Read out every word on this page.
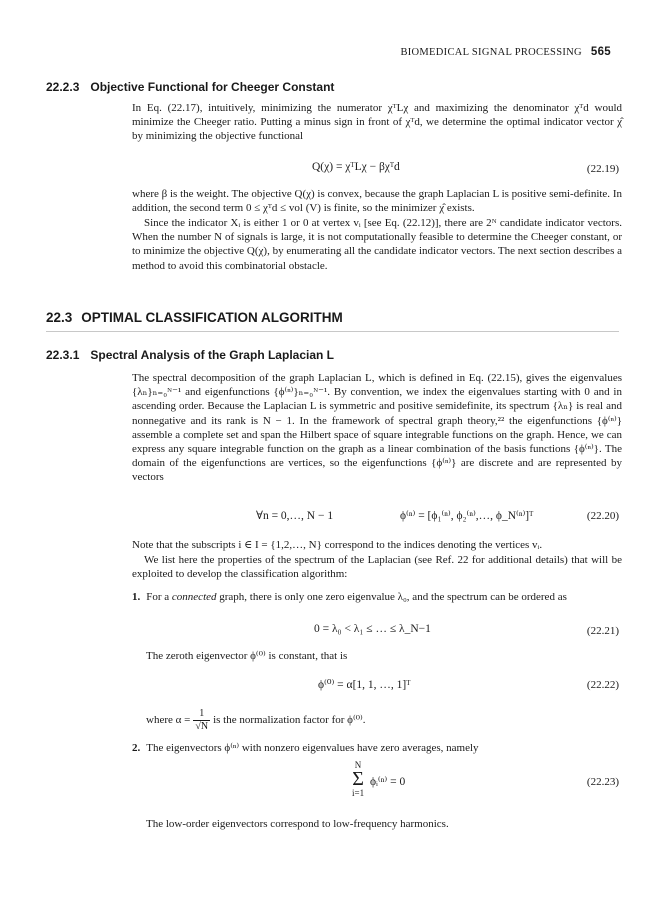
BIOMEDICAL SIGNAL PROCESSING 565
22.2.3 Objective Functional for Cheeger Constant
In Eq. (22.17), intuitively, minimizing the numerator χᵀLχ and maximizing the denominator χᵀd would minimize the Cheeger ratio. Putting a minus sign in front of χᵀd, we determine the optimal indicator vector χ̂ by minimizing the objective functional
Q(χ) = χᵀLχ − βχᵀd	(22.19)
where β is the weight. The objective Q(χ) is convex, because the graph Laplacian L is positive semi-definite. In addition, the second term 0 ≤ χᵀd ≤ vol (V) is finite, so the minimizer χ̂ exists.
Since the indicator Xᵢ is either 1 or 0 at vertex vᵢ [see Eq. (22.12)], there are 2ᴺ candidate indicator vectors. When the number N of signals is large, it is not computationally feasible to determine the Cheeger constant, or to minimize the objective Q(χ), by enumerating all the candidate indicator vectors. The next section describes a method to avoid this combinatorial obstacle.
22.3 OPTIMAL CLASSIFICATION ALGORITHM
22.3.1 Spectral Analysis of the Graph Laplacian L
The spectral decomposition of the graph Laplacian L, which is defined in Eq. (22.15), gives the eigenvalues {λₙ}ₙ₌₀ᴺ⁻¹ and eigenfunctions {ϕ⁽ⁿ⁾}ₙ₌₀ᴺ⁻¹. By convention, we index the eigenvalues starting with 0 and in ascending order. Because the Laplacian L is symmetric and positive semidefinite, its spectrum {λₙ} is real and nonnegative and its rank is N − 1. In the framework of spectral graph theory,²² the eigenfunctions {ϕ⁽ⁿ⁾} assemble a complete set and span the Hilbert space of square integrable functions on the graph. Hence, we can express any square integrable function on the graph as a linear combination of the basis functions {ϕ⁽ⁿ⁾}. The domain of the eigenfunctions are vertices, so the eigenfunctions {ϕ⁽ⁿ⁾} are discrete and are represented by vectors
∀n = 0,…, N − 1	ϕ⁽ⁿ⁾ = [ϕ₁⁽ⁿ⁾, ϕ₂⁽ⁿ⁾,…, ϕ_N⁽ⁿ⁾]ᵀ	(22.20)
Note that the subscripts i ∈ I = {1,2,…, N} correspond to the indices denoting the vertices vᵢ.
We list here the properties of the spectrum of the Laplacian (see Ref. 22 for additional details) that will be exploited to develop the classification algorithm:
1. For a connected graph, there is only one zero eigenvalue λ₀, and the spectrum can be ordered as
0 = λ₀ < λ₁ ≤ … ≤ λ_N−1	(22.21)
The zeroth eigenvector ϕ⁽⁰⁾ is constant, that is
ϕ⁽⁰⁾ = α[1, 1, …, 1]ᵀ	(22.22)
where $\alpha = \frac{1}{√N}$ is the normalization factor for ϕ⁽⁰⁾.
2. The eigenvectors ϕ⁽ⁿ⁾ with nonzero eigenvalues have zero averages, namely
N
Σ
i=1
ϕᵢ⁽ⁿ⁾ = 0	(22.23)
The low-order eigenvectors correspond to low-frequency harmonics.
